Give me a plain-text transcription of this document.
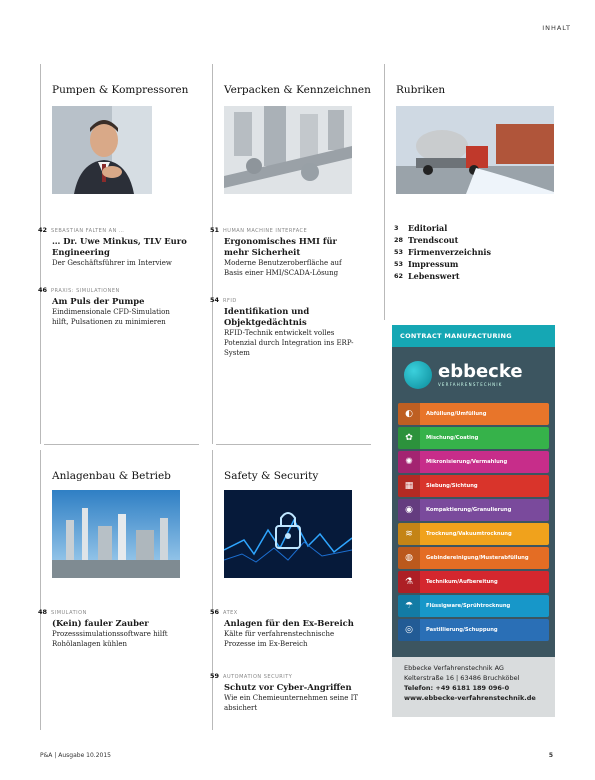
INHALT
Pumpen & Kompressoren
42 SEBASTIAN FALTEN AN …
… Dr. Uwe Minkus, TLV Euro Engineering
Der Geschäftsführer im Interview
46 PRAXIS: SIMULATIONEN
Am Puls der Pumpe
Eindimensionale CFD-Simulation hilft, Pulsationen zu minimieren
Verpacken & Kennzeichnen
51 HUMAN MACHINE INTERFACE
Ergonomisches HMI für mehr Sicherheit
Moderne Benutzeroberfläche auf Basis einer HMI/SCADA-Lösung
54 RFID
Identifikation und Objektgedächtnis
RFID-Technik entwickelt volles Potenzial durch Integration ins ERP-System
Rubriken
3	Editorial
28 Trendscout
53 Firmenverzeichnis
53 Impressum
62 Lebenswert
Anlagenbau & Betrieb
48 SIMULATION
(Kein) fauler Zauber
Prozesssimulationssoftware hilft Rohölanlagen kühlen
Safety & Security
56 ATEX
Anlagen für den Ex-Bereich
Kälte für verfahrenstechnische Prozesse im Ex-Bereich
59 AUTOMATION SECURITY
Schutz vor Cyber-Angriffen
Wie ein Chemieunternehmen seine IT absichert
CONTRACT MANUFACTURING
ebbecke
VERFAHRENSTECHNIK
◐	Abfüllung/Umfüllung
✿	Mischung/Coating
✺	Mikronisierung/Vermahlung
▦	Siebung/Sichtung
◉	Kompaktierung/Granulierung
≋	Trocknung/Vakuumtrocknung
◍	Gebindereinigung/Musterabfüllung
⚗	Technikum/Aufbereitung
☂	Flüssigware/Sprühtrocknung
◎	Pastillierung/Schuppung
Ebbecke Verfahrenstechnik AG
Kelterstraße 16 | 63486 Bruchköbel
Telefon: +49 6181 189 096-0
www.ebbecke-verfahrenstechnik.de
P&A | Ausgabe 10.2015	5
